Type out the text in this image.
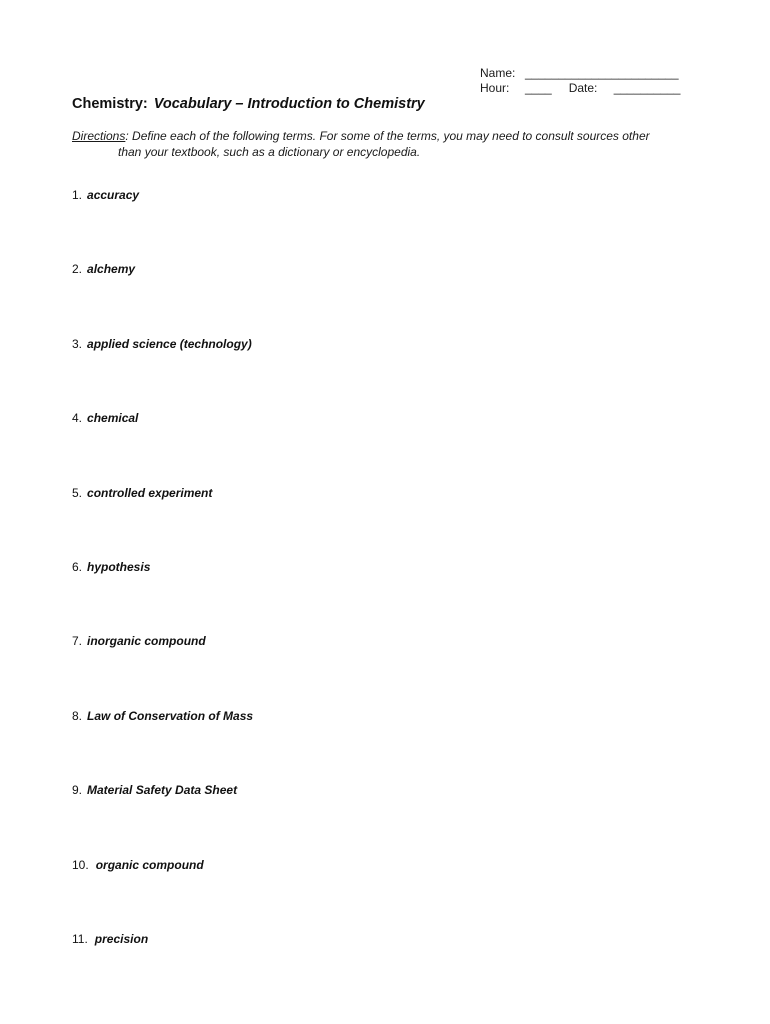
Name: _______________________
Hour:	____ Date:	__________
Chemistry: Vocabulary – Introduction to Chemistry
Directions: Define each of the following terms. For some of the terms, you may need to consult sources other
than your textbook, such as a dictionary or encyclopedia.
1. accuracy
2. alchemy
3. applied science (technology)
4. chemical
5. controlled experiment
6. hypothesis
7. inorganic compound
8. Law of Conservation of Mass
9. Material Safety Data Sheet
10. organic compound
11. precision
